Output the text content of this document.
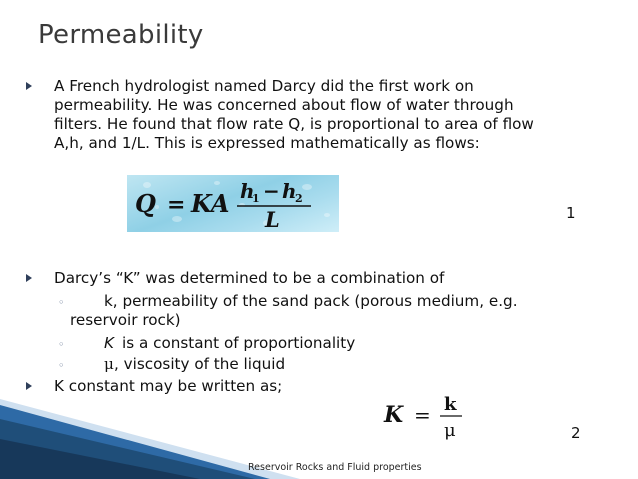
Permeability
A French hydrologist named Darcy did the first work on
permeability. He was concerned about flow of water through
filters. He found that flow rate Q, is proportional to area of flow
A,h, and 1/L. This is expressed mathematically as flows:
Q = KA h
1 − h
2
L	1
Darcy’s “K” was determined to be a combination of
◦	k, permeability of the sand pack (porous medium, e.g.
reservoir rock)
◦	K is a constant of proportionality
◦	μ , viscosity of the liquid
K constant may be written as;
K = k
μ	2
Reservoir Rocks and Fluid properties
